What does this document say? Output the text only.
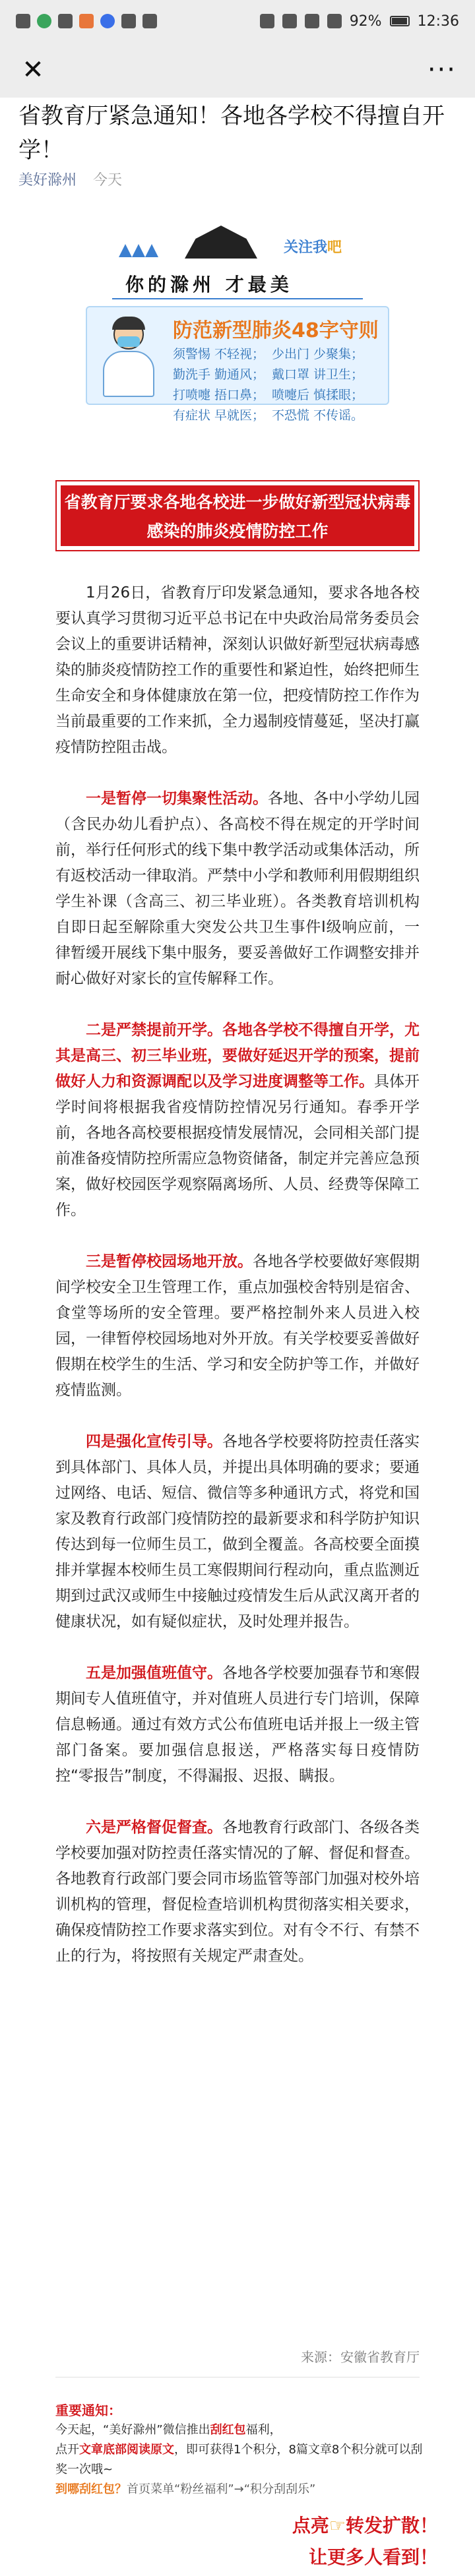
92% 12:36
✕	···
省教育厅紧急通知！各地各学校不得擅自开学！
美好滁州 今天
关注我吧
你的滁州 才最美
防范新型肺炎48字守则
须警惕 不轻视； 少出门 少聚集；
勤洗手 勤通风； 戴口罩 讲卫生；
打喷嚏 捂口鼻； 喷嚏后 慎揉眼；
有症状 早就医； 不恐慌 不传谣。
省教育厅要求各地各校进一步做好新型冠状病毒感染的肺炎疫情防控工作

1月26日，省教育厅印发紧急通知，要求各地各校要认真学习贯彻习近平总书记在中央政治局常务委员会会议上的重要讲话精神，深刻认识做好新型冠状病毒感染的肺炎疫情防控工作的重要性和紧迫性，始终把师生生命安全和身体健康放在第一位，把疫情防控工作作为当前最重要的工作来抓，全力遏制疫情蔓延，坚决打赢疫情防控阻击战。

一是暂停一切集聚性活动。各地、各中小学幼儿园（含民办幼儿看护点）、各高校不得在规定的开学时间前，举行任何形式的线下集中教学活动或集体活动，所有返校活动一律取消。严禁中小学和教师利用假期组织学生补课（含高三、初三毕业班）。各类教育培训机构自即日起至解除重大突发公共卫生事件I级响应前，一律暂缓开展线下集中服务，要妥善做好工作调整安排并耐心做好对家长的宣传解释工作。

二是严禁提前开学。各地各学校不得擅自开学，尤其是高三、初三毕业班，要做好延迟开学的预案，提前做好人力和资源调配以及学习进度调整等工作。具体开学时间将根据我省疫情防控情况另行通知。春季开学前，各地各高校要根据疫情发展情况，会同相关部门提前准备疫情防控所需应急物资储备，制定并完善应急预案，做好校园医学观察隔离场所、人员、经费等保障工作。

三是暂停校园场地开放。各地各学校要做好寒假期间学校安全卫生管理工作，重点加强校舍特别是宿舍、食堂等场所的安全管理。要严格控制外来人员进入校园，一律暂停校园场地对外开放。有关学校要妥善做好假期在校学生的生活、学习和安全防护等工作，并做好疫情监测。

四是强化宣传引导。各地各学校要将防控责任落实到具体部门、具体人员，并提出具体明确的要求；要通过网络、电话、短信、微信等多种通讯方式，将党和国家及教育行政部门疫情防控的最新要求和科学防护知识传达到每一位师生员工，做到全覆盖。各高校要全面摸排并掌握本校师生员工寒假期间行程动向，重点监测近期到过武汉或师生中接触过疫情发生后从武汉离开者的健康状况，如有疑似症状，及时处理并报告。

五是加强值班值守。各地各学校要加强春节和寒假期间专人值班值守，并对值班人员进行专门培训，保障信息畅通。通过有效方式公布值班电话并报上一级主管部门备案。要加强信息报送，严格落实每日疫情防控“零报告”制度，不得漏报、迟报、瞒报。

六是严格督促督查。各地教育行政部门、各级各类学校要加强对防控责任落实情况的了解、督促和督查。各地教育行政部门要会同市场监管等部门加强对校外培训机构的管理，督促检查培训机构贯彻落实相关要求，确保疫情防控工作要求落实到位。对有令不行、有禁不止的行为，将按照有关规定严肃查处。

来源：安徽省教育厅
重要通知：
今天起，“美好滁州”微信推出刮红包福利，
点开文章底部阅读原文，即可获得1个积分，8篇文章8个积分就可以刮奖一次哦~
到哪刮红包？首页菜单“粉丝福利”→“积分刮刮乐”
点亮☞转发扩散！
让更多人看到！
